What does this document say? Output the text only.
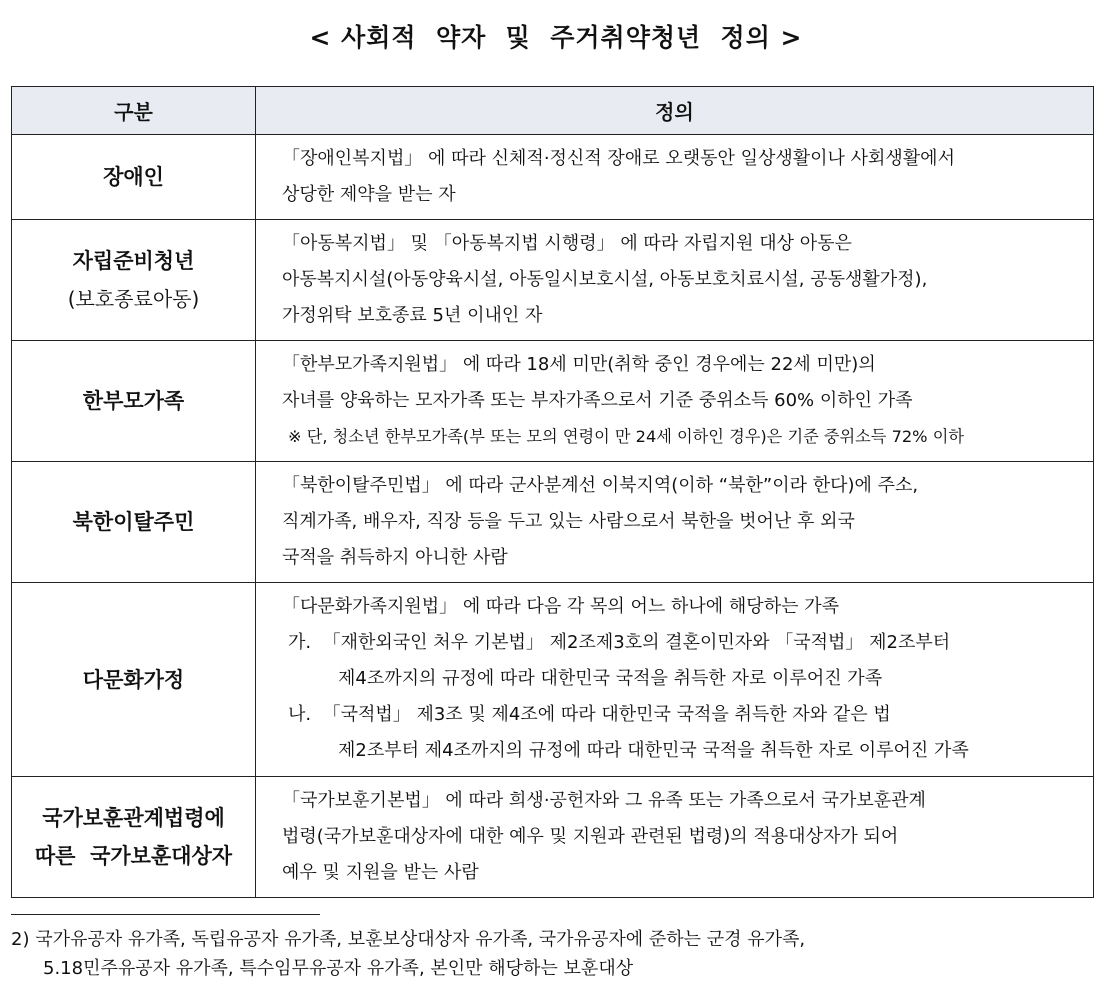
< 사회적  약자  및  주거취약청년  정의 >
구분	정의
장애인	「장애인복지법」 에 따라 신체적·정신적 장애로 오랫동안 일상생활이나 사회생활에서
상당한 제약을 받는 자

자립준비청년
(보호종료아동)	「아동복지법」 및 「아동복지법 시행령」 에 따라 자립지원 대상 아동은
아동복지시설(아동양육시설, 아동일시보호시설, 아동보호치료시설, 공동생활가정),
가정위탁 보호종료 5년 이내인 자

한부모가족	「한부모가족지원법」 에 따라 18세 미만(취학 중인 경우에는 22세 미만)의
자녀를 양육하는 모자가족 또는 부자가족으로서 기준 중위소득 60% 이하인 가족
※ 단, 청소년 한부모가족(부 또는 모의 연령이 만 24세 이하인 경우)은 기준 중위소득 72% 이하

북한이탈주민	「북한이탈주민법」 에 따라 군사분계선 이북지역(이하 “북한”이라 한다)에 주소,
직계가족, 배우자, 직장 등을 두고 있는 사람으로서 북한을 벗어난 후 외국
국적을 취득하지 아니한 사람

다문화가정	「다문화가족지원법」 에 따라 다음 각 목의 어느 하나에 해당하는 가족
가. 「재한외국인 처우 기본법」 제2조제3호의 결혼이민자와 「국적법」 제2조부터
제4조까지의 규정에 따라 대한민국 국적을 취득한 자로 이루어진 가족
나. 「국적법」 제3조 및 제4조에 따라 대한민국 국적을 취득한 자와 같은 법
제2조부터 제4조까지의 규정에 따라 대한민국 국적을 취득한 자로 이루어진 가족

국가보훈관계법령에
따른  국가보훈대상자	「국가보훈기본법」 에 따라 희생·공헌자와 그 유족 또는 가족으로서 국가보훈관계
법령(국가보훈대상자에 대한 예우 및 지원과 관련된 법령)의 적용대상자가 되어
예우 및 지원을 받는 사람
2) 국가유공자 유가족, 독립유공자 유가족, 보훈보상대상자 유가족, 국가유공자에 준하는 군경 유가족,
5.18민주유공자 유가족, 특수임무유공자 유가족, 본인만 해당하는 보훈대상
